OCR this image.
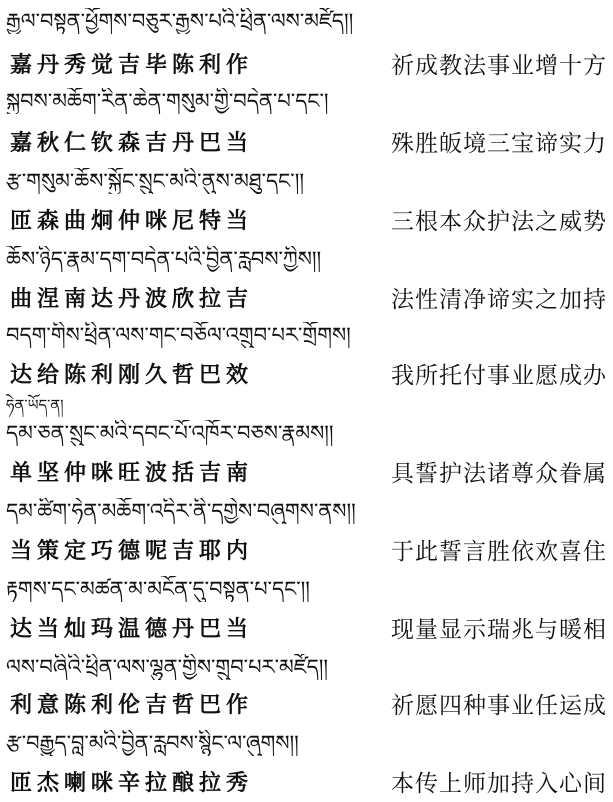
རྒྱལ་བསྟན་ཕྱོགས་བཅུར་རྒྱས་པའི་ཕྲིན་ལས་མཛོད།།
嘉丹秀觉吉毕陈利作	祈成教法事业增十方
སྐྱབས་མཆོག་རིན་ཆེན་གསུམ་གྱི་བདེན་པ་དང་།
嘉秋仁钦森吉丹巴当	殊胜皈境三宝谛实力
རྩ་གསུམ་ཆོས་སྐྱོང་སྲུང་མའི་ནུས་མཐུ་དང་།།
匝森曲炯仲咪尼特当	三根本众护法之威势
ཆོས་ཉིད་རྣམ་དག་བདེན་པའི་བྱིན་རླབས་ཀྱིས།།
曲涅南达丹波欣拉吉	法性清净谛实之加持
བདག་གིས་ཕྲིན་ལས་གང་བཅོལ་འགྲུབ་པར་གྲོགས།
达给陈利刚久哲巴效	我所托付事业愿成办
ཧེན་ཡོད་ན།
དམ་ཅན་སྲུང་མའི་དབང་པོ་འཁོར་བཅས་རྣམས།།
单坚仲咪旺波括吉南	具誓护法诸尊众眷属
དམ་ཚིག་ཧེན་མཆོག་འདིར་ནི་དགྱེས་བཞུགས་ནས།།
当策定巧德呢吉耶内	于此誓言胜依欢喜住
རྟགས་དང་མཚན་མ་མངོན་དུ་བསྟན་པ་དང་།།
达当灿玛温德丹巴当	现量显示瑞兆与暖相
ལས་བཞིའི་ཕྲིན་ལས་ལྷུན་གྱིས་གྲུབ་པར་མཛོད།།
利意陈利伦吉哲巴作	祈愿四种事业任运成
རྩ་བརྒྱུད་བླ་མའི་བྱིན་རླབས་སྙིང་ལ་ཞུགས།།
匝杰喇咪辛拉酿拉秀	本传上师加持入心间
